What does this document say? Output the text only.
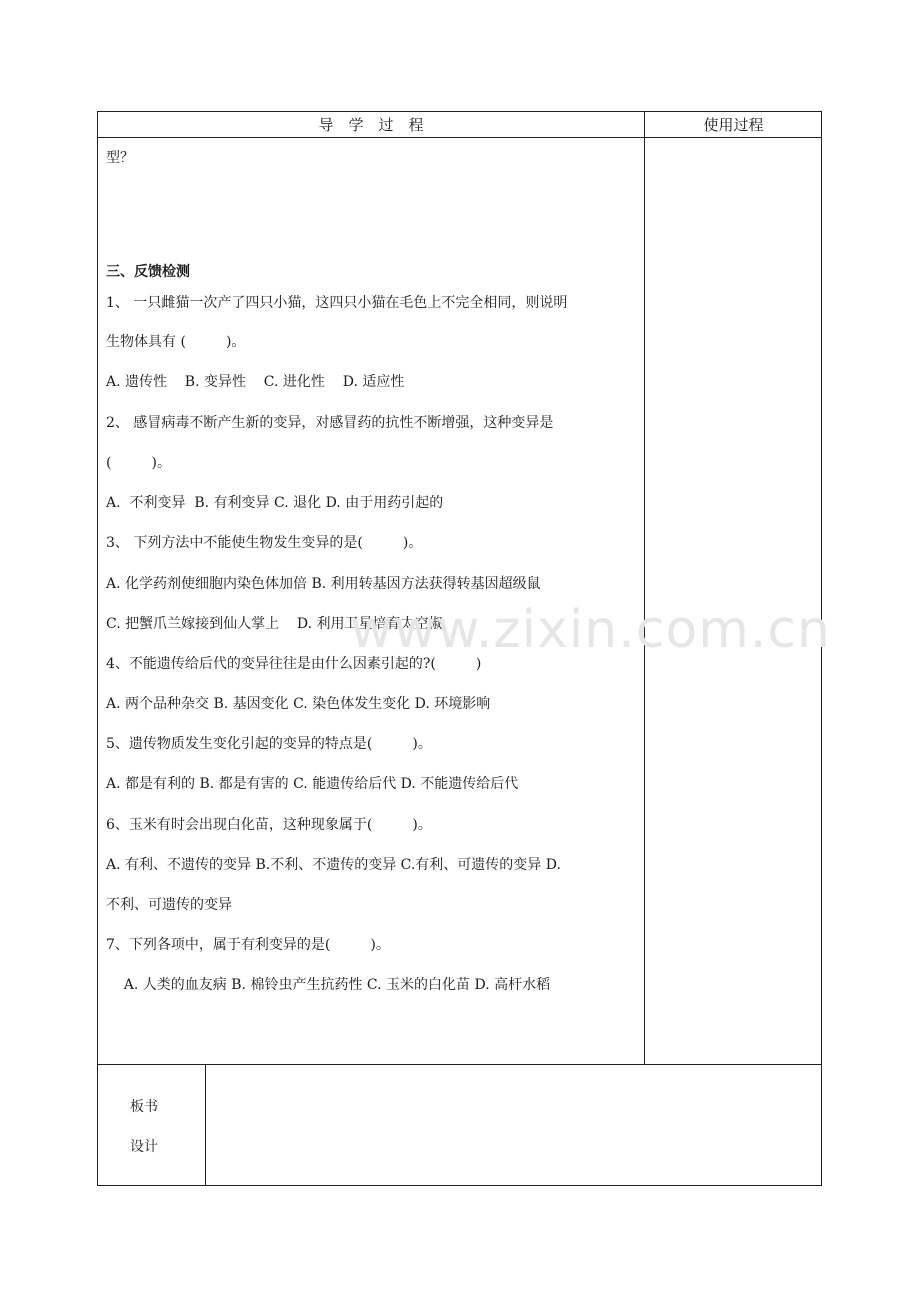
导　学　过　程	使用过程
型？
三、反馈检测
1、 一只雌猫一次产了四只小猫，这四只小猫在毛色上不完全相同，则说明
生物体具有 (         )。
A. 遗传性    B. 变异性    C. 进化性    D. 适应性
2、 感冒病毒不断产生新的变异，对感冒药的抗性不断增强，这种变异是
(         )。
A.  不利变异  B. 有利变异 C. 退化 D. 由于用药引起的
3、 下列方法中不能使生物发生变异的是(         )。
A. 化学药剂使细胞内染色体加倍 B. 利用转基因方法获得转基因超级鼠
C. 把蟹爪兰嫁接到仙人掌上    D. 利用卫星培育太空椒
4、不能遗传给后代的变异往往是由什么因素引起的?(         )
A. 两个品种杂交 B. 基因变化 C. 染色体发生变化 D. 环境影响
5、遗传物质发生变化引起的变异的特点是(         )。
A. 都是有利的 B. 都是有害的 C. 能遗传给后代 D. 不能遗传给后代
6、玉米有时会出现白化苗，这种现象属于(         )。
A. 有利、不遗传的变异 B.不利、不遗传的变异 C.有利、可遗传的变异 D.
不利、可遗传的变异
7、下列各项中，属于有利变异的是(         )。
A. 人类的血友病 B. 棉铃虫产生抗药性 C. 玉米的白化苗 D. 高杆水稻
板书
设计
www.zixin.com.cn
